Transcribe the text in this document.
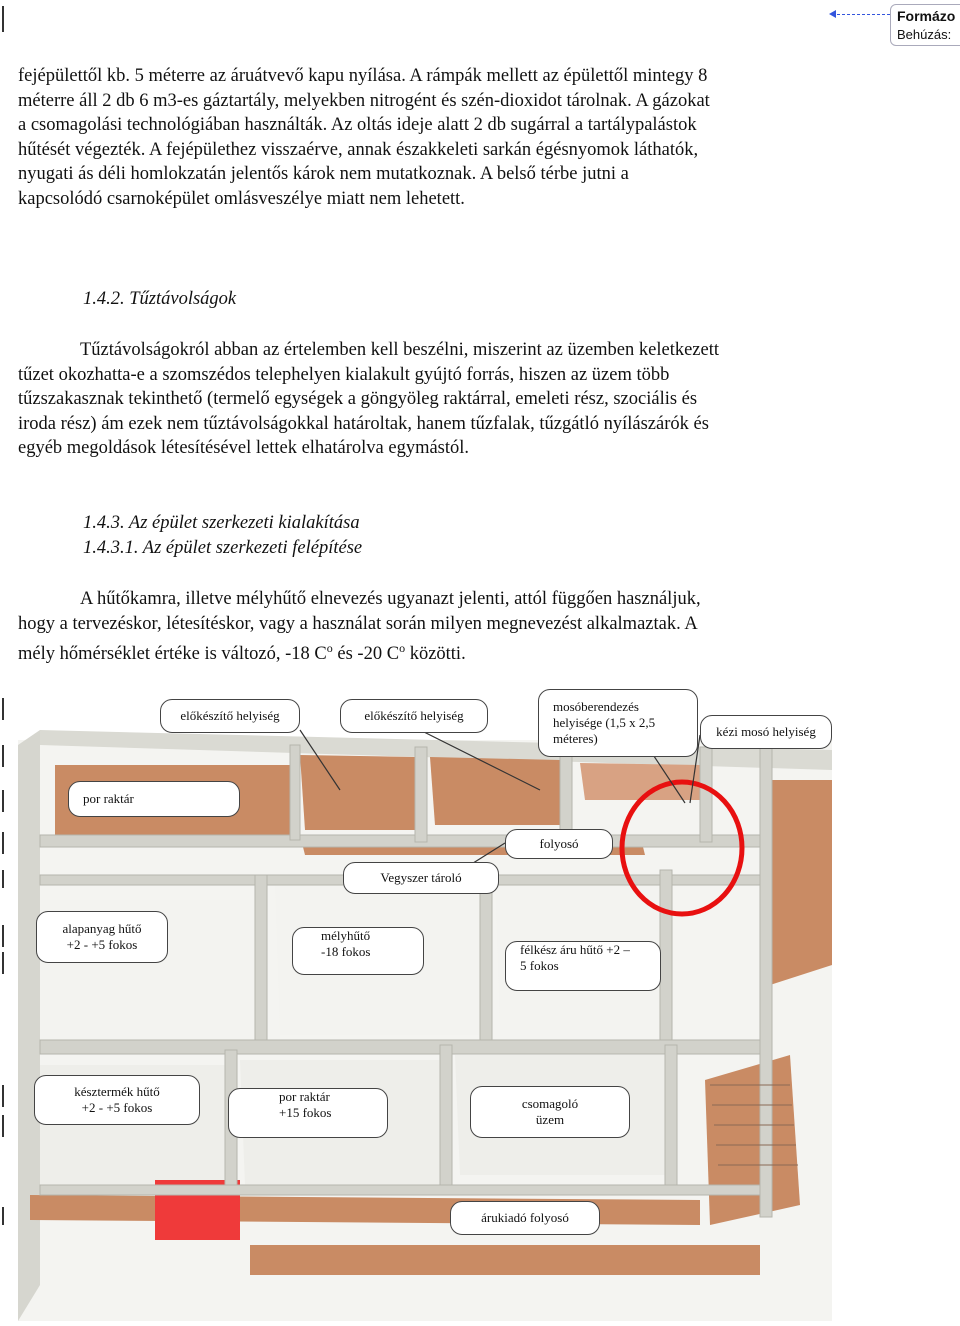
Formázo
Behúzás:
fejépülettől kb. 5 méterre az áruátvevő kapu nyílása. A rámpák mellett az épülettől mintegy 8
méterre áll 2 db 6 m3-es gáztartály, melyekben nitrogént és szén-dioxidot tárolnak. A gázokat
a csomagolási technológiában használták. Az oltás ideje alatt 2 db sugárral a tartálypalástok
hűtését végezték. A fejépülethez visszaérve, annak északkeleti sarkán égésnyomok láthatók,
nyugati ás déli homlokzatán jelentős károk nem mutatkoznak. A belső térbe jutni a
kapcsolódó csarnoképület omlásveszélye miatt nem lehetett.
1.4.2. Tűztávolságok
Tűztávolságokról abban az értelemben kell beszélni, miszerint az üzemben keletkezett
tűzet okozhatta-e a szomszédos telephelyen kialakult gyújtó forrás, hiszen az üzem több
tűzszakasznak tekinthető (termelő egységek a göngyöleg raktárral, emeleti rész, szociális és
iroda rész) ám ezek nem tűztávolságokkal határoltak, hanem tűzfalak, tűzgátló nyílászárók és
egyéb megoldások létesítésével lettek elhatárolva egymástól.
1.4.3. Az épület szerkezeti kialakítása
1.4.3.1. Az épület szerkezeti felépítése
A hűtőkamra, illetve mélyhűtő elnevezés ugyanazt jelenti, attól függően használjuk,
hogy a tervezéskor, létesítéskor, vagy a használat során milyen megnevezést alkalmaztak. A
mély hőmérséklet értéke is változó, -18 $C^o$ és -20 $C^o$ közötti.
előkészítő helyiség	előkészítő helyiség
mosóberendezés
helyisége (1,5 x 2,5
méteres)	kézi mosó helyiség
por raktár
folyosó
Vegyszer tároló
alapanyag hűtő
+2 - +5 fokos
mélyhűtő
-18 fokos	félkész áru hűtő +2 –
5 fokos
késztermék hűtő
+2 - +5 fokos
por raktár
+15 fokos
csomagoló
üzem
árukiadó folyosó
